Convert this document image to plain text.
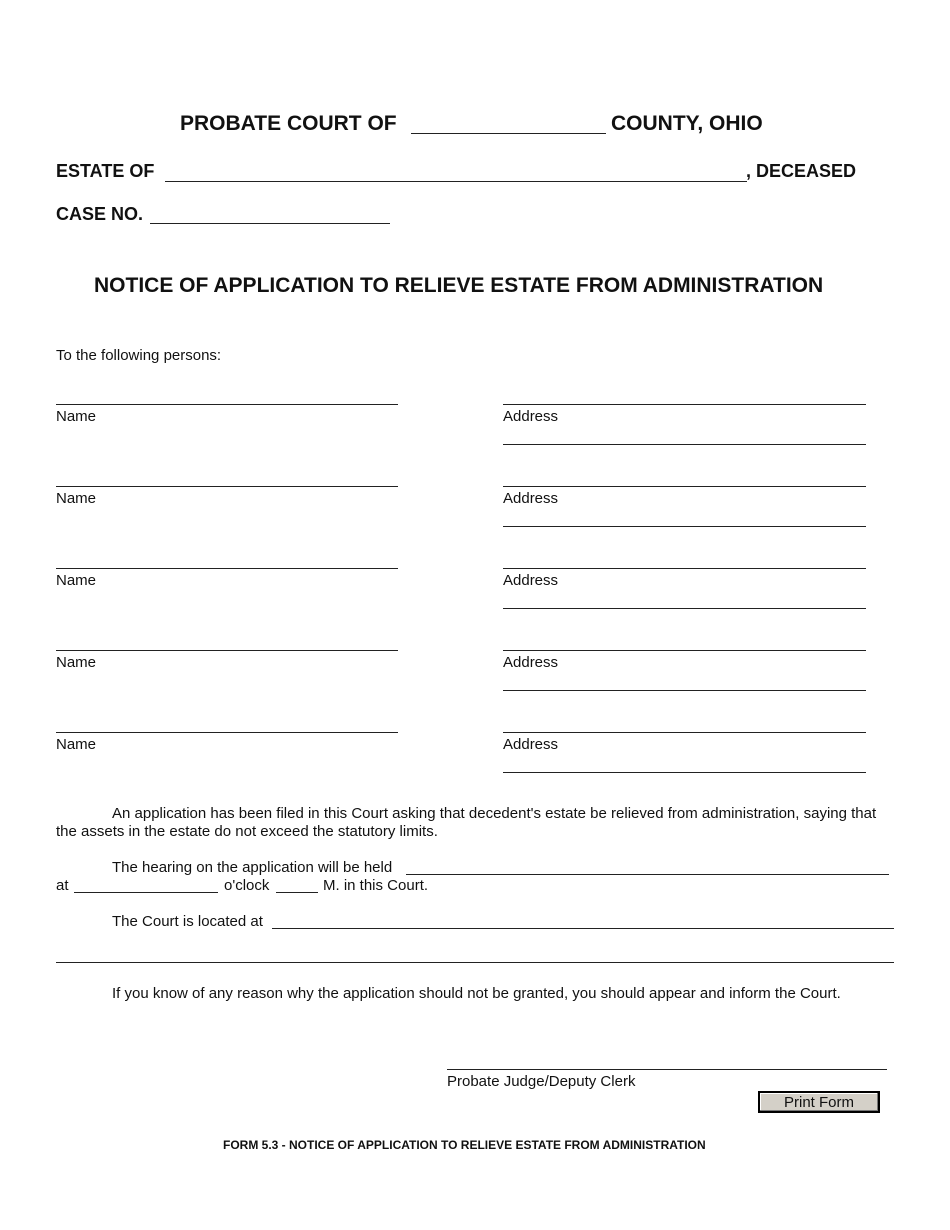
PROBATE COURT OF	COUNTY, OHIO
ESTATE OF	, DECEASED
CASE NO.
NOTICE OF APPLICATION TO RELIEVE ESTATE FROM ADMINISTRATION
To the following persons:
Name	Address
Name	Address
Name	Address
Name	Address
Name	Address
An application has been filed in this Court asking that decedent's estate be relieved from administration, saying that
the assets in the estate do not exceed the statutory limits.
The hearing on the application will be held
at	o'clock	M. in this Court.
The Court is located at
If you know of any reason why the application should not be granted, you should appear and inform the Court.
Probate Judge/Deputy Clerk
Print Form
FORM 5.3 - NOTICE OF APPLICATION TO RELIEVE ESTATE FROM ADMINISTRATION
